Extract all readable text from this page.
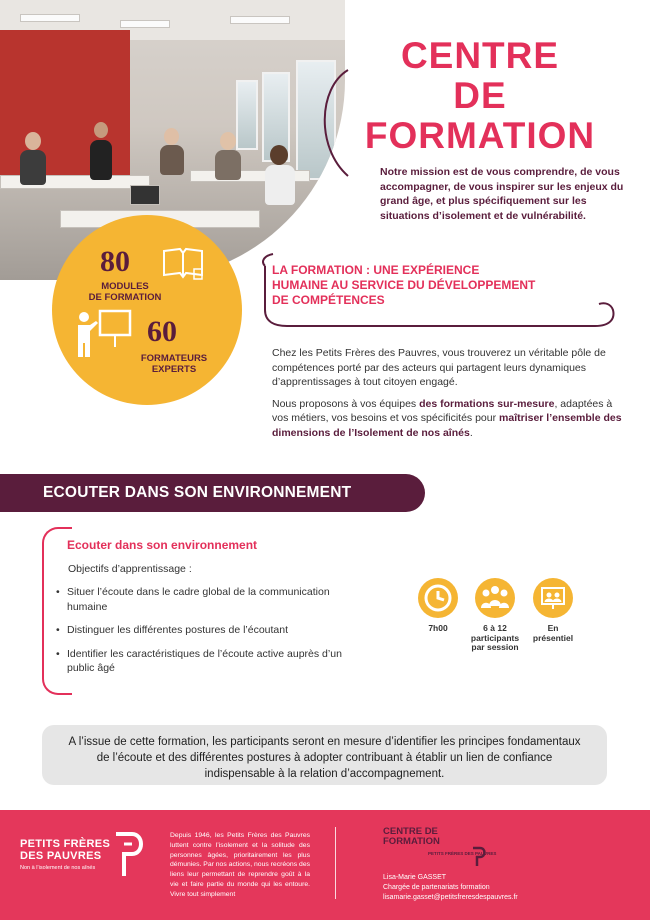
CENTRE
DE
FORMATION
Notre mission est de vous comprendre, de vous accompagner, de vous inspirer sur les enjeux du grand âge, et plus spécifiquement sur les situations d’isolement et de vulnérabilité.
80
MODULES
DE FORMATION
60
FORMATEURS
EXPERTS
LA FORMATION : UNE EXPÉRIENCE
HUMAINE AU SERVICE DU DÉVELOPPEMENT
DE COMPÉTENCES

Chez les Petits Frères des Pauvres, vous trouverez un véritable pôle de compétences porté par des acteurs qui partagent leurs dynamiques d’apprentissages à tout citoyen engagé.

Nous proposons à vos équipes des formations sur-mesure, adaptées à vos métiers, vos besoins et vos spécificités pour maîtriser l’ensemble des dimensions de l’Isolement de nos aînés.

ECOUTER DANS SON ENVIRONNEMENT
Ecouter dans son environnement
Objectifs d’apprentissage :
• Situer l’écoute dans le cadre global de la communication humaine
• Distinguer les différentes postures de l’écoutant
• Identifier les caractéristiques de l’écoute active auprès d’un public âgé
7h00	6 à 12
participants
par session
En
présentiel
A l’issue de cette formation, les participants seront en mesure d’identifier les principes fondamentaux de l’écoute et des différentes postures à adopter contribuant à établir un lien de confiance indispensable à la relation d’accompagnement.
PETITS FRÈRES
DES PAUVRES
Non à l’isolement de nos aînés
Depuis 1946, les Petits Frères des Pauvres luttent contre l’isolement et la solitude des personnes âgées, prioritairement les plus démunies. Par nos actions, nous recréons des liens leur permettant de reprendre goût à la vie et faire partie du monde qui les entoure. Vivre tout simplement
CENTRE DE
FORMATION
PETITS FRÈRES DES PAUVRES
Lisa-Marie GASSET
Chargée de partenariats formation
lisamarie.gasset@petitsfreresdespauvres.fr
